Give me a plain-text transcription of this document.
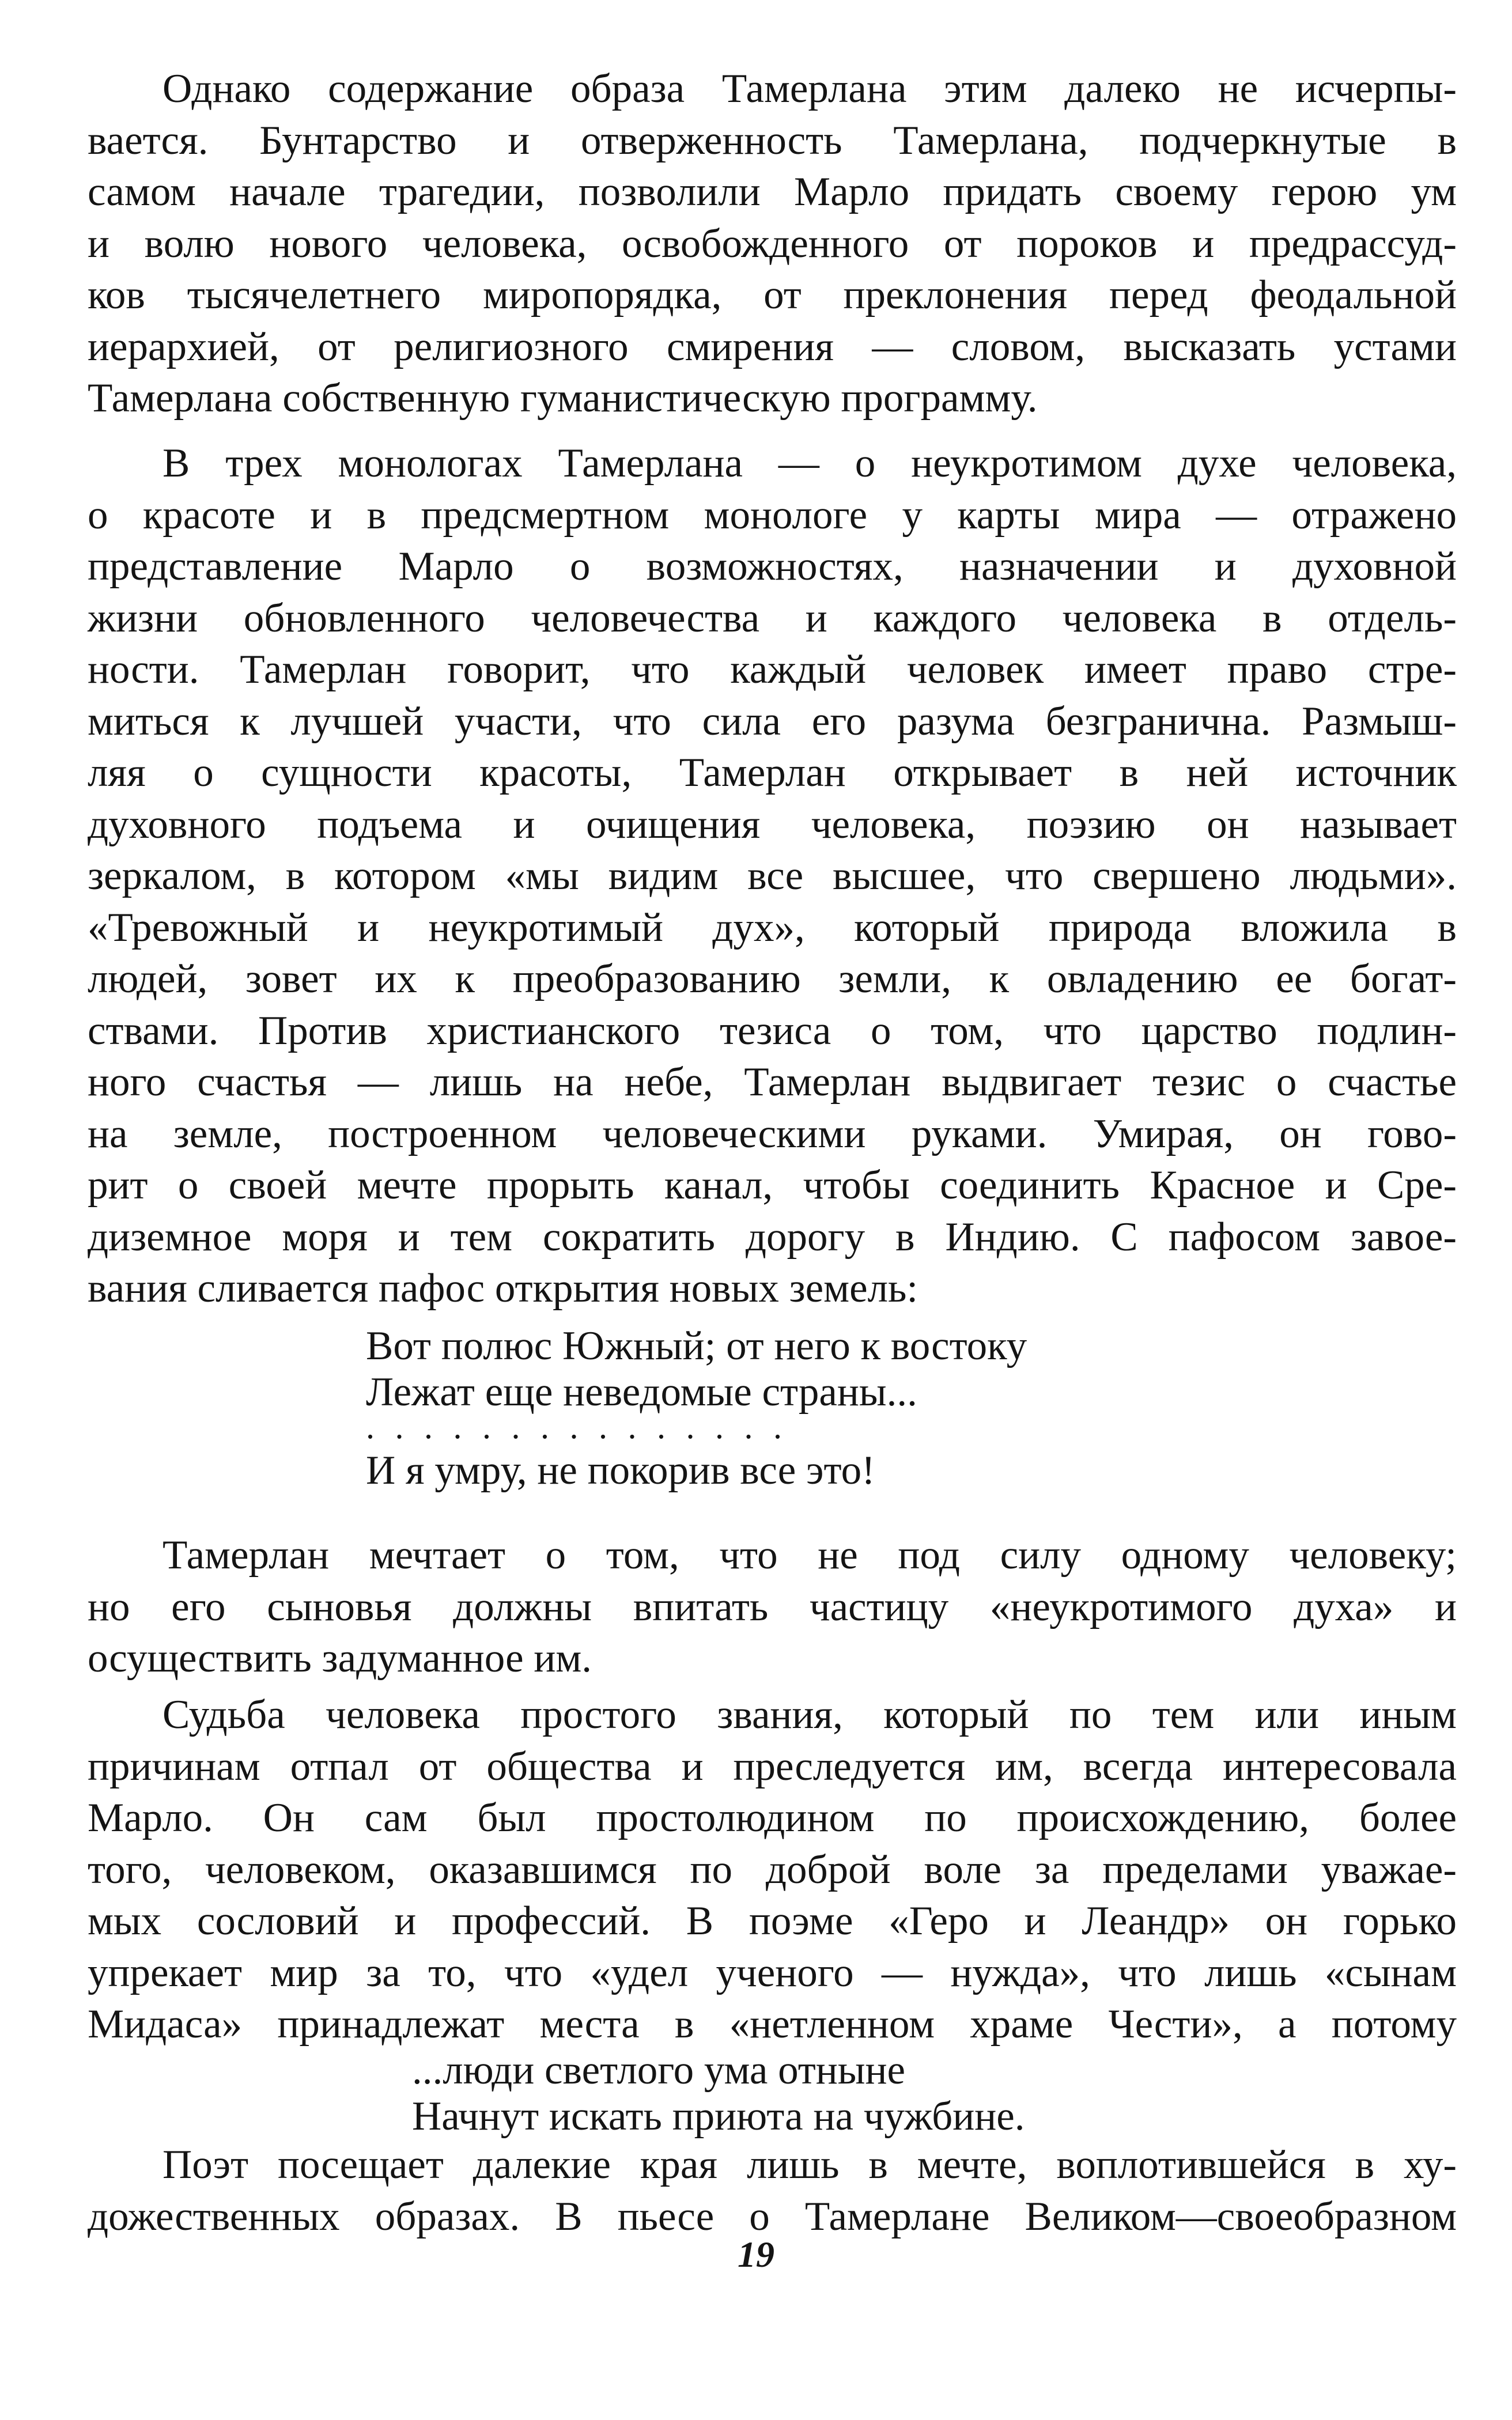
Однако содержание образа Тамерлана этим далеко не исчерпы-
вается. Бунтарство и отверженность Тамерлана, подчеркнутые в
самом начале трагедии, позволили Марло придать своему герою ум
и волю нового человека, освобожденного от пороков и предрассуд-
ков тысячелетнего миропорядка, от преклонения перед феодальной
иерархией, от религиозного смирения — словом, высказать устами
Тамерлана собственную гуманистическую программу.
В трех монологах Тамерлана — о неукротимом духе человека,
о красоте и в предсмертном монологе у карты мира — отражено
представление Марло о возможностях, назначении и духовной
жизни обновленного человечества и каждого человека в отдель-
ности. Тамерлан говорит, что каждый человек имеет право стре-
миться к лучшей участи, что сила его разума безгранична. Размыш-
ляя о сущности красоты, Тамерлан открывает в ней источник
духовного подъема и очищения человека, поэзию он называет
зеркалом, в котором «мы видим все высшее, что свершено людьми».
«Тревожный и неукротимый дух», который природа вложила в
людей, зовет их к преобразованию земли, к овладению ее богат-
ствами. Против христианского тезиса о том, что царство подлин-
ного счастья — лишь на небе, Тамерлан выдвигает тезис о счастье
на земле, построенном человеческими руками. Умирая, он гово-
рит о своей мечте прорыть канал, чтобы соединить Красное и Сре-
диземное моря и тем сократить дорогу в Индию. С пафосом завое-
вания сливается пафос открытия новых земель:
Вот полюс Южный; от него к востоку
Лежат еще неведомые страны...
...............
И я умру, не покорив все это!
Тамерлан мечтает о том, что не под силу одному человеку;
но его сыновья должны впитать частицу «неукротимого духа» и
осуществить задуманное им.
Судьба человека простого звания, который по тем или иным
причинам отпал от общества и преследуется им, всегда интересовала
Марло. Он сам был простолюдином по происхождению, более
того, человеком, оказавшимся по доброй воле за пределами уважае-
мых сословий и профессий. В поэме «Геро и Леандр» он горько
упрекает мир за то, что «удел ученого — нужда», что лишь «сынам
Мидаса» принадлежат места в «нетленном храме Чести», а потому
...люди светлого ума отныне
Начнут искать приюта на чужбине.
Поэт посещает далекие края лишь в мечте, воплотившейся в ху-
дожественных образах. В пьесе о Тамерлане Великом—своеобразном
19
